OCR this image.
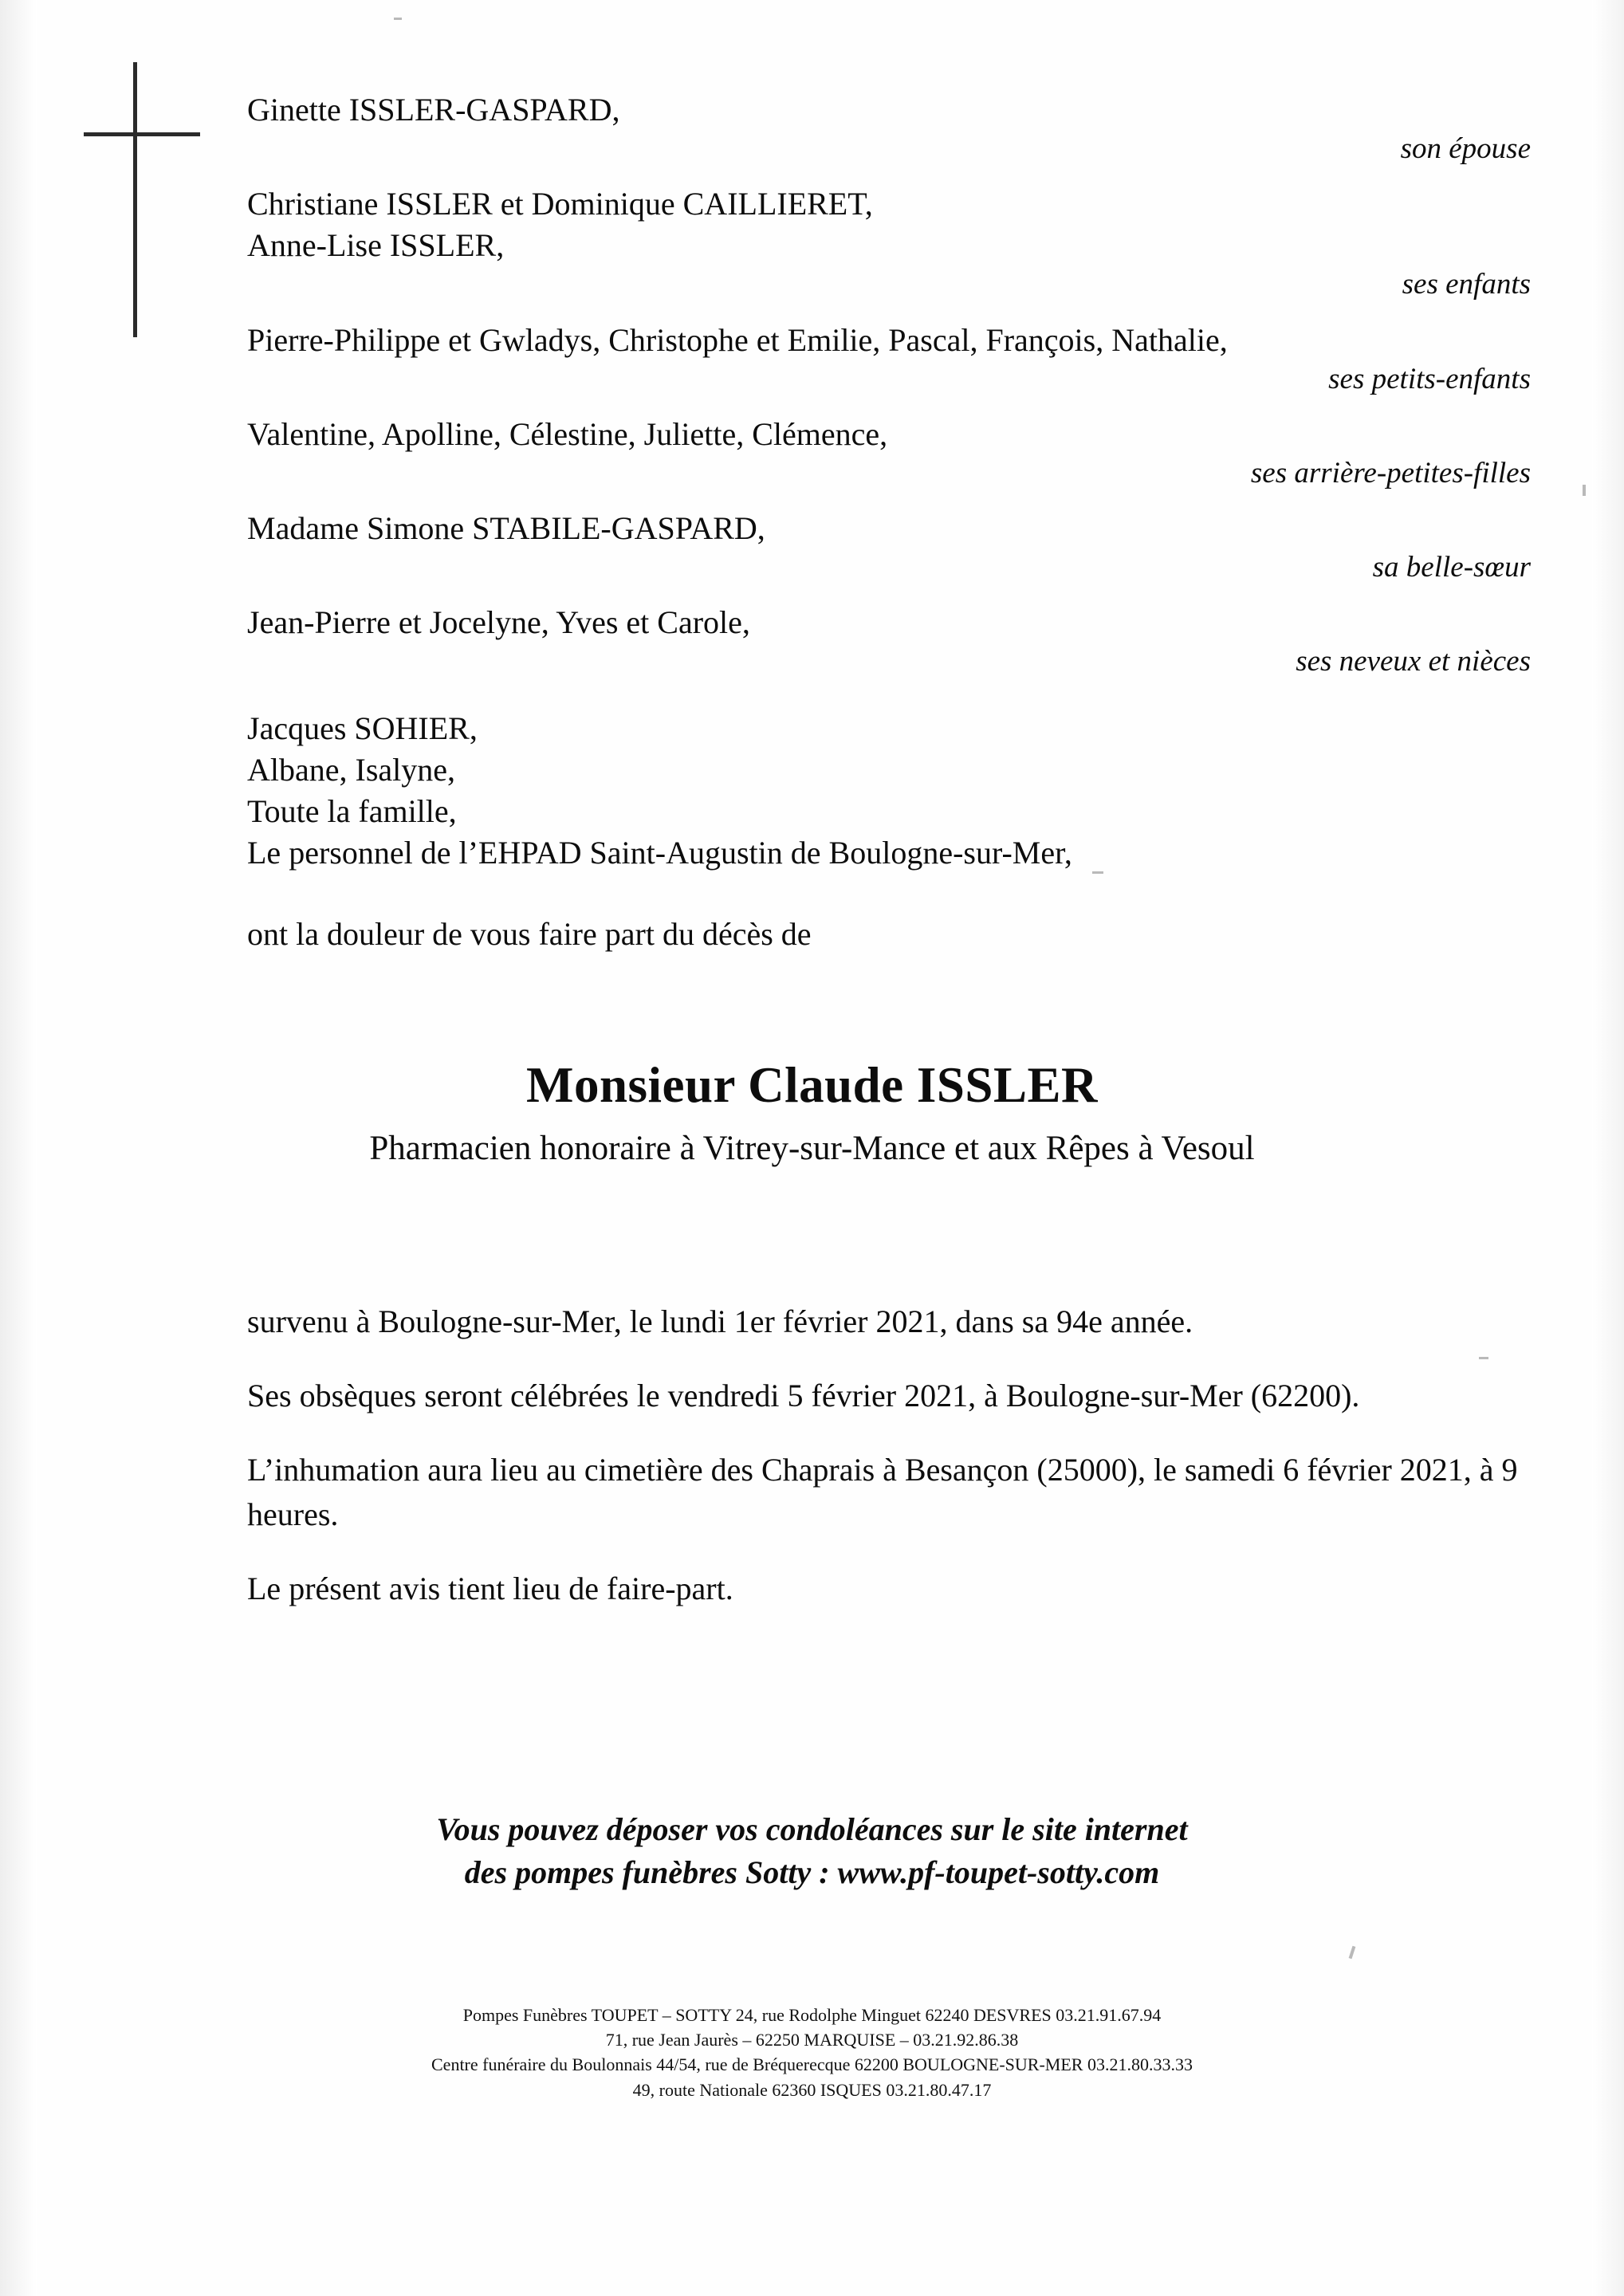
Ginette ISSLER-GASPARD,
son épouse
Christiane ISSLER et Dominique CAILLIERET,
Anne-Lise ISSLER,
ses enfants
Pierre-Philippe et Gwladys, Christophe et Emilie, Pascal, François, Nathalie,
ses petits-enfants
Valentine, Apolline, Célestine, Juliette, Clémence,
ses arrière-petites-filles
Madame Simone STABILE-GASPARD,
sa belle-sœur
Jean-Pierre et Jocelyne, Yves et Carole,
ses neveux et nièces
Jacques SOHIER,
Albane, Isalyne,
Toute la famille,
Le personnel de l’EHPAD Saint-Augustin de Boulogne-sur-Mer,
ont la douleur de vous faire part du décès de
Monsieur Claude ISSLER
Pharmacien honoraire à Vitrey-sur-Mance et aux Rêpes à Vesoul

survenu à Boulogne-sur-Mer, le lundi 1er février 2021, dans sa 94e année.

Ses obsèques seront célébrées le vendredi 5 février 2021, à Boulogne-sur-Mer (62200).

L’inhumation aura lieu au cimetière des Chaprais à Besançon (25000), le samedi 6 février 2021, à 9 heures.

Le présent avis tient lieu de faire-part.

Vous pouvez déposer vos condoléances sur le site internet
des pompes funèbres Sotty : www.pf-toupet-sotty.com
Pompes Funèbres TOUPET – SOTTY 24, rue Rodolphe Minguet 62240 DESVRES 03.21.91.67.94
71, rue Jean Jaurès – 62250 MARQUISE – 03.21.92.86.38
Centre funéraire du Boulonnais 44/54, rue de Bréquerecque 62200 BOULOGNE-SUR-MER 03.21.80.33.33
49, route Nationale 62360 ISQUES 03.21.80.47.17
